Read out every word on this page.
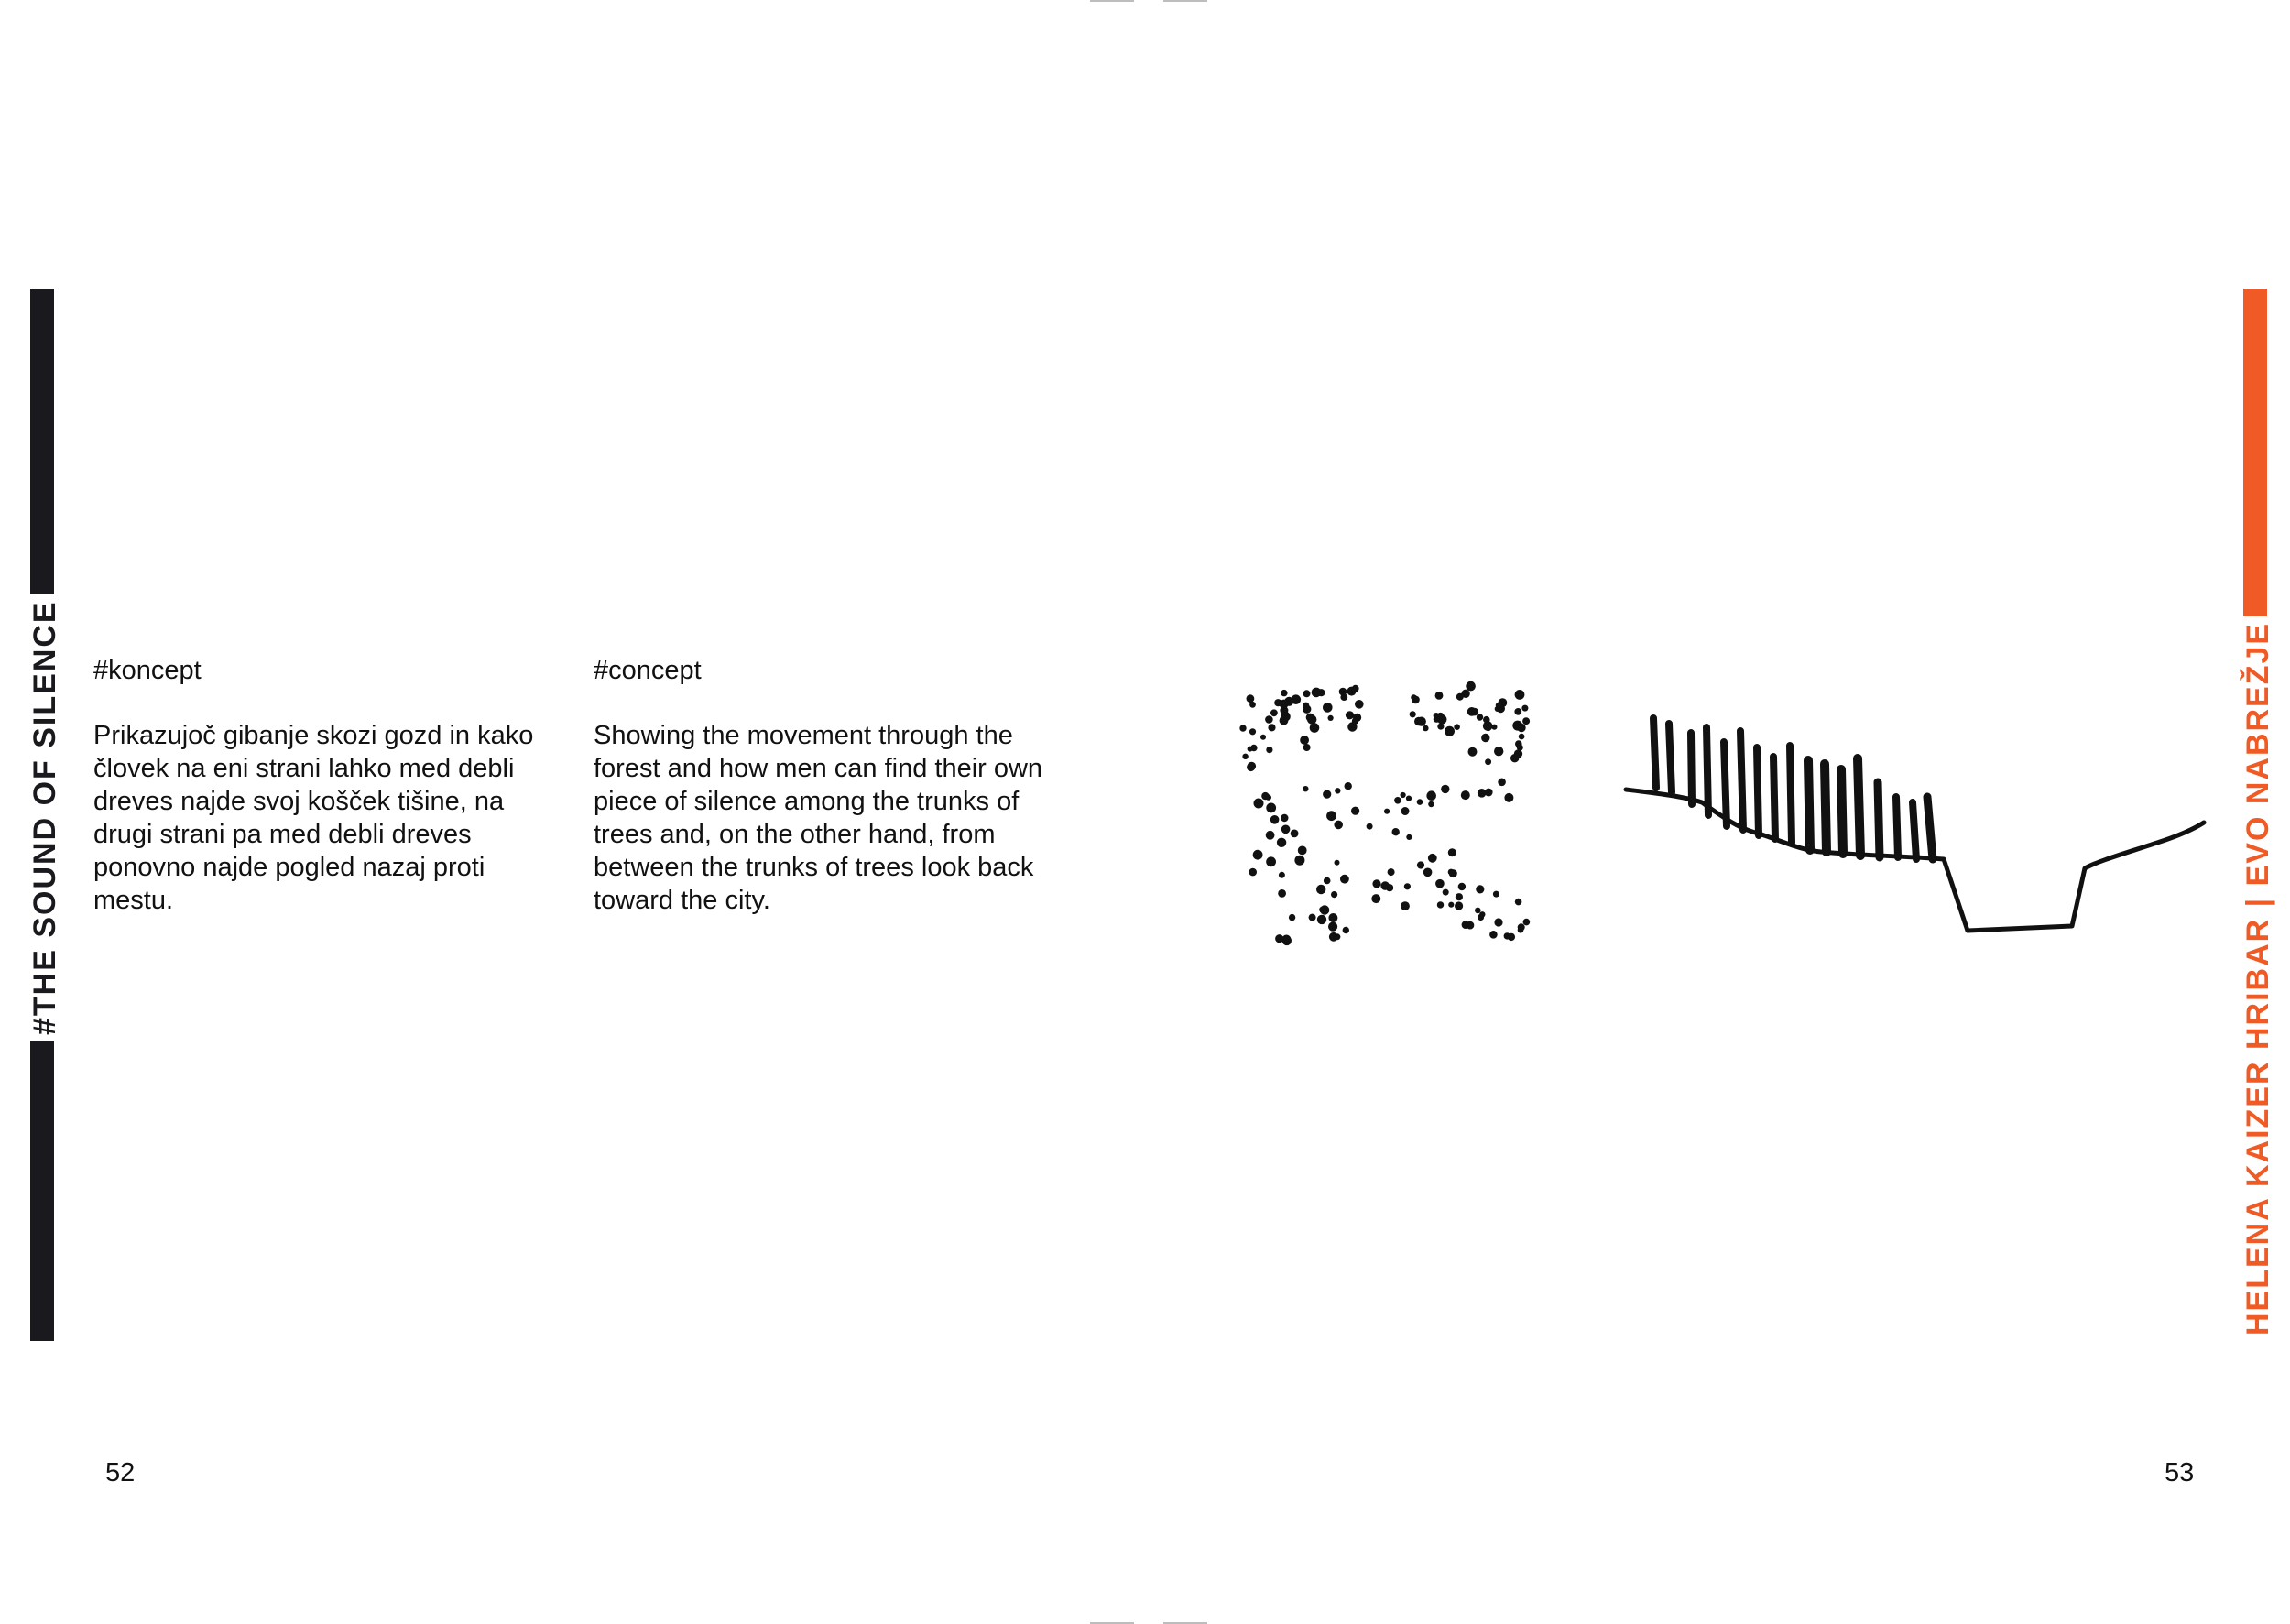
#THE SOUND OF SILENCE	HELENA KAIZER HRIBAR | EVO NABREŽJE
#koncept

Prikazujoč gibanje skozi gozd in kako človek na eni strani lahko med debli dreves najde svoj košček tišine, na drugi strani pa med debli dreves ponovno najde pogled nazaj proti mestu.

#concept

Showing the movement through the forest and how men can find their own piece of silence among the trunks of trees and, on the other hand, from between the trunks of trees look back toward the city.

52	53
